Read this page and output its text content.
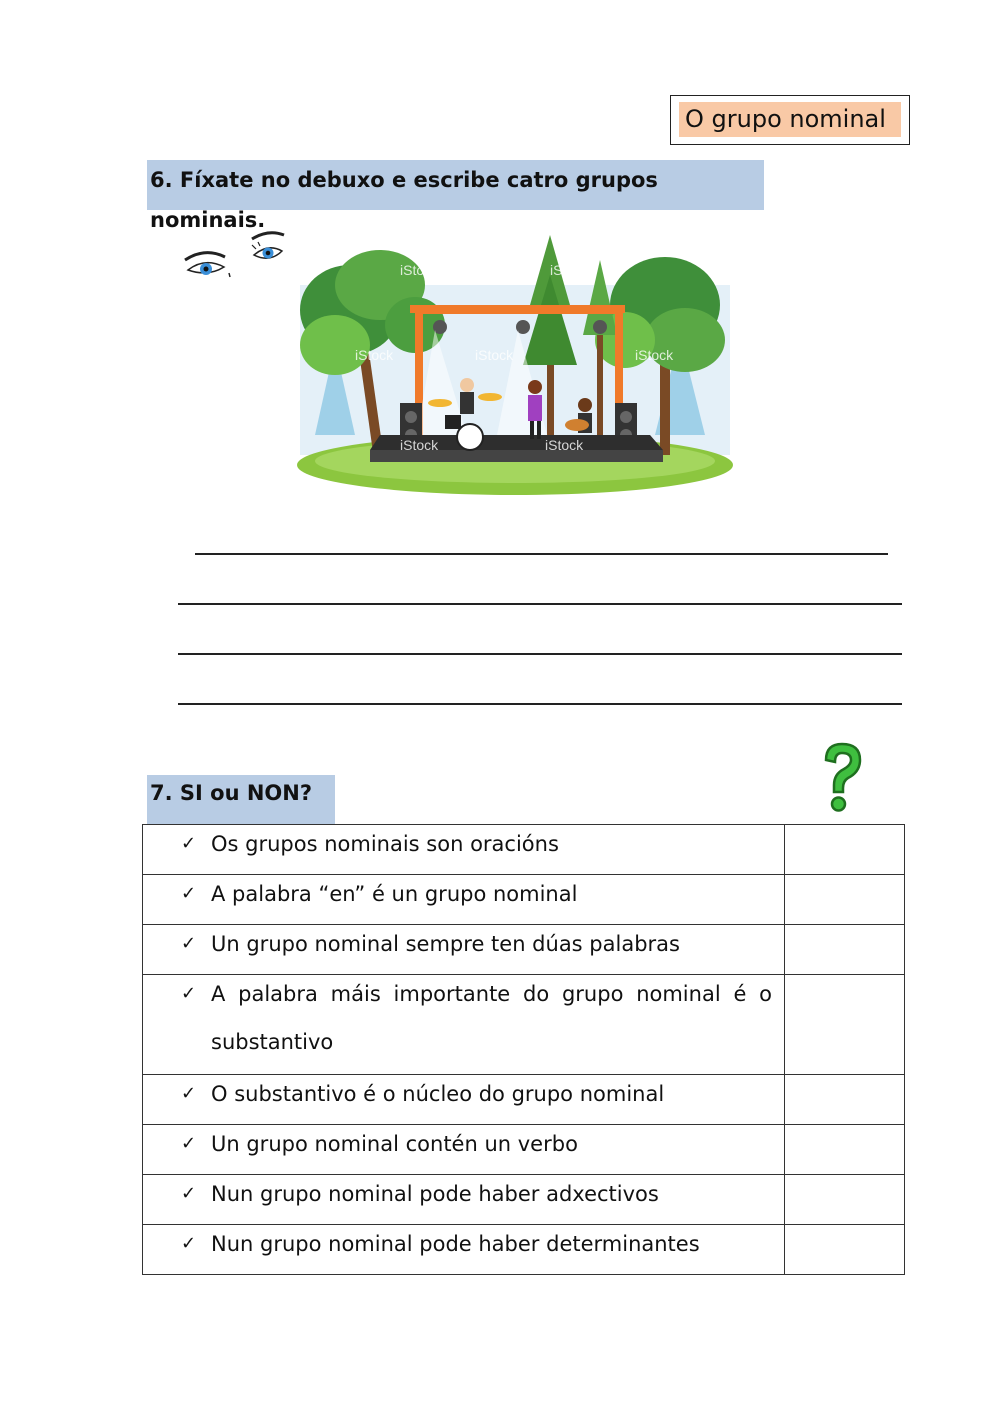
O grupo nominal
6. Fíxate no debuxo e escribe catro grupos nominais.
iStock	iStock	iStock
iStock	iStock
iStock	iStock
7. SI ou NON?
✓ Os grupos nominais son oracións	

✓ A palabra “en” é un grupo nominal	

✓ Un grupo nominal sempre ten dúas palabras	

✓ A palabra máis importante do grupo nominal é o
substantivo	

✓ O substantivo é o núcleo do grupo nominal	

✓ Un grupo nominal contén un verbo	

✓ Nun grupo nominal pode haber adxectivos	

✓ Nun grupo nominal pode haber determinantes	
